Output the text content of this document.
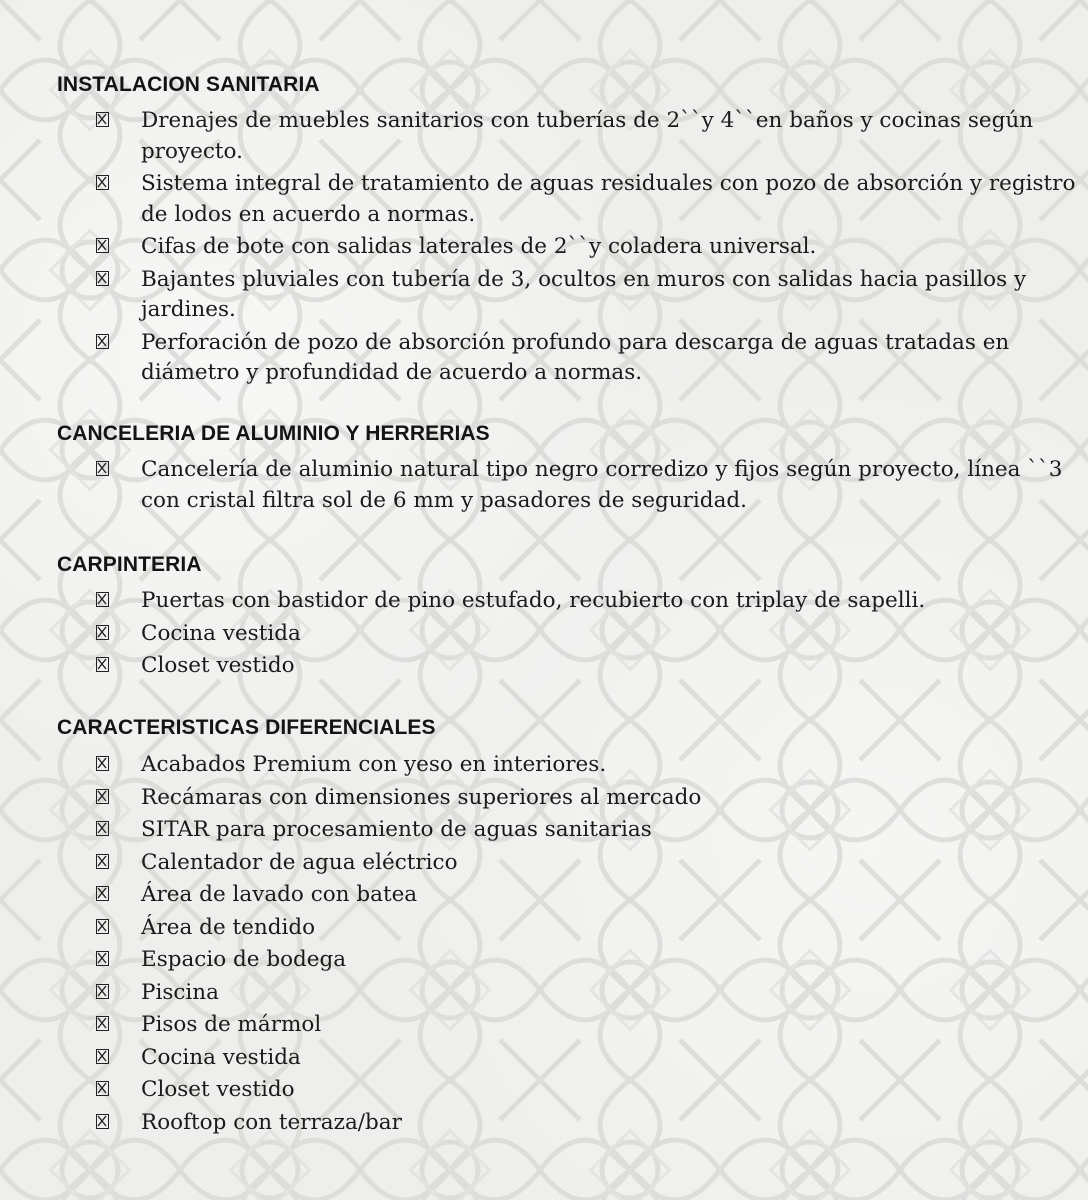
INSTALACION SANITARIA
Drenajes de muebles sanitarios con tuberías de 2``y 4``en baños y cocinas según proyecto.
Sistema integral de tratamiento de aguas residuales con pozo de absorción y registro de lodos en acuerdo a normas.
Cifas de bote con salidas laterales de 2``y coladera universal.
Bajantes pluviales con tubería de 3, ocultos en muros con salidas hacia pasillos y jardines.
Perforación de pozo de absorción profundo para descarga de aguas tratadas en diámetro y profundidad de acuerdo a normas.
CANCELERIA DE ALUMINIO Y HERRERIAS
Cancelería de aluminio natural tipo negro corredizo y fijos según proyecto, línea ``3 con cristal filtra sol de 6 mm y pasadores de seguridad.
CARPINTERIA
Puertas con bastidor de pino estufado, recubierto con triplay de sapelli.
Cocina vestida
Closet vestido
CARACTERISTICAS DIFERENCIALES
Acabados Premium con yeso en interiores.
Recámaras con dimensiones superiores al mercado
SITAR para procesamiento de aguas sanitarias
Calentador de agua eléctrico
Área de lavado con batea
Área de tendido
Espacio de bodega
Piscina
Pisos de mármol
Cocina vestida
Closet vestido
Rooftop con terraza/bar
